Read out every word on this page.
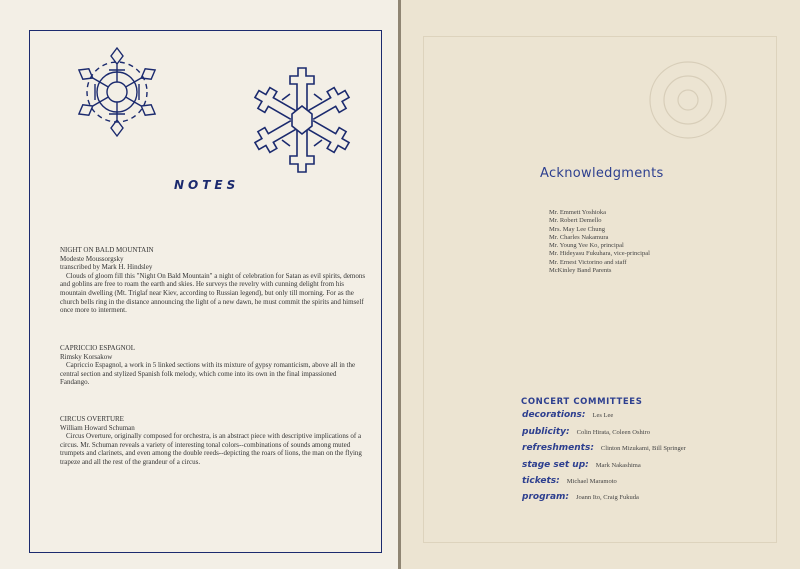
NOTES
NIGHT ON BALD MOUNTAIN
Modeste Moussorgsky
transcribed by Mark H. Hindsley

Clouds of gloom fill this "Night On Bald Mountain" a night of celebration for Satan as evil spirits, demons and goblins are free to roam the earth and skies. He surveys the revelry with cunning delight from his mountain dwelling (Mt. Triglaf near Kiev, according to Russian legend), but only till morning. For as the church bells ring in the distance announcing the light of a new dawn, he must commit the spirits and himself once more to interment.

CAPRICCIO ESPAGNOL
Rimsky Korsakow

Capriccio Espagnol, a work in 5 linked sections with its mixture of gypsy romanticism, above all in the central section and stylized Spanish folk melody, which come into its own in the final impassioned Fandango.

CIRCUS OVERTURE
William Howard Schuman

Circus Overture, originally composed for orchestra, is an abstract piece with descriptive implications of a circus. Mr. Schuman reveals a variety of interesting tonal colors--combinations of sounds among muted trumpets and clarinets, and even among the double reeds--depicting the roars of lions, the man on the flying trapeze and all the rest of the grandeur of a circus.

Acknowledgments
Mr. Emmett Yoshioka
Mr. Robert Demello
Mrs. May Lee Chung
Mr. Charles Nakamura
Mr. Young Yee Ko, principal
Mr. Hideyasu Fukuhara, vice-principal
Mr. Ernest Victorino and staff
McKinley Band Parents
CONCERT COMMITTEES
decorations: Les Lee
publicity: Colin Hirata, Coleen Oshiro
refreshments: Clinton Mizukami, Bill Springer
stage set up: Mark Nakashima
tickets: Michael Maramoto
program: Joann Ito, Craig Fukuda
